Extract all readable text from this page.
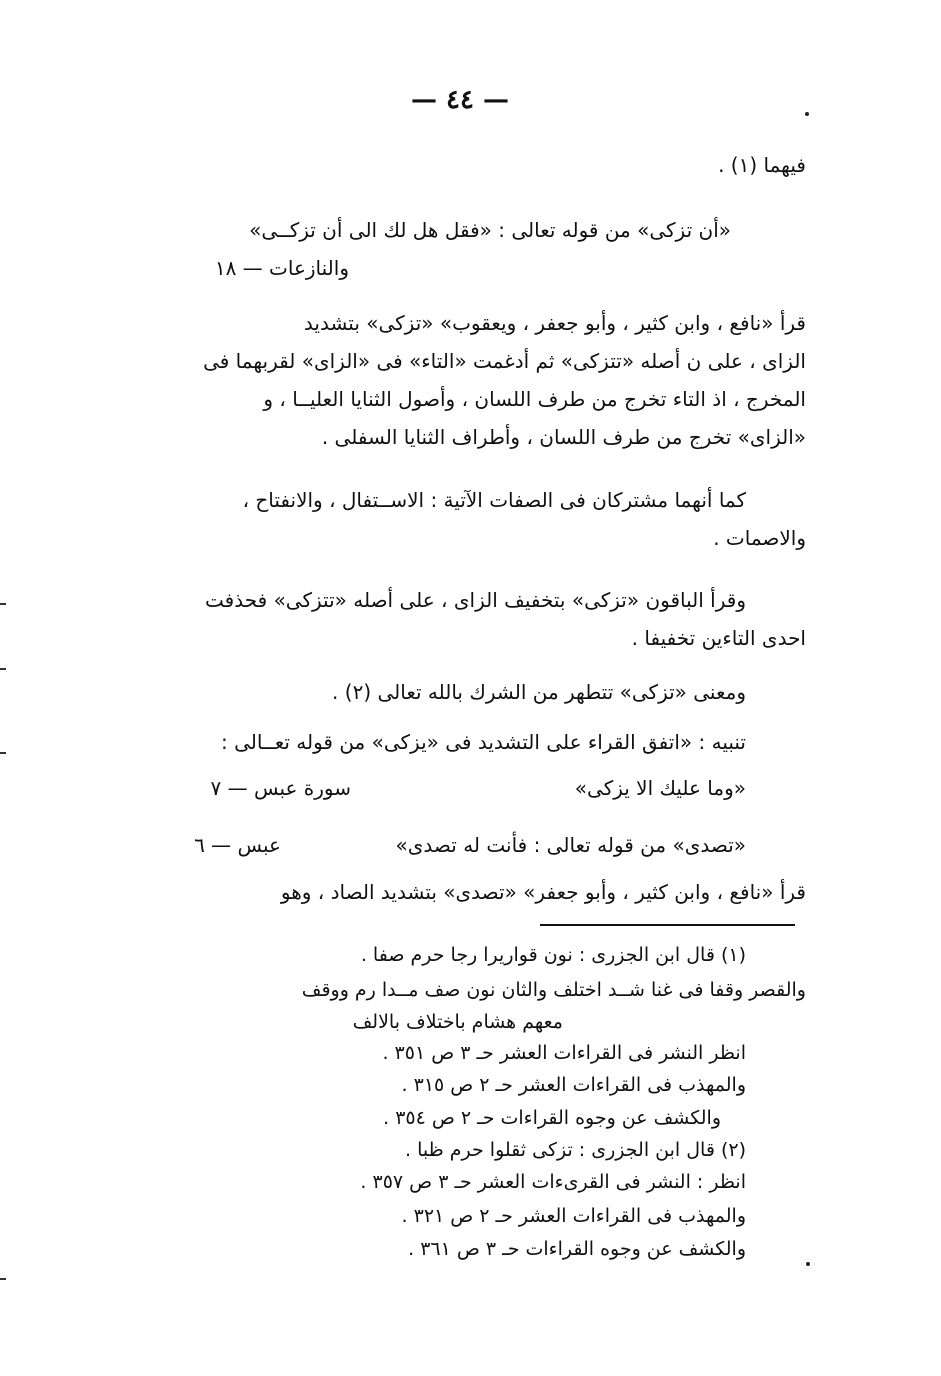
— ٤٤ —
فيهما (١) .
«أن تزكى» من قوله تعالى : «فقل هل لك الى أن تزكــى»
والنازعات — ١٨
قرأ «نافع ، وابن كثير ، وأبو جعفر ، ويعقوب» «تزكى» بتشديد
الزاى ، على ن أصله «تتزكى» ثم أدغمت «التاء» فى «الزاى» لقربهما فى
المخرج ، اذ التاء تخرج من طرف اللسان ، وأصول الثنايا العليــا ، و
«الزاى» تخرج من طرف اللسان ، وأطراف الثنايا السفلى .
كما أنهما مشتركان فى الصفات الآتية : الاســتفال ، والانفتاح ،
والاصمات .
وقرأ الباقون «تزكى» بتخفيف الزاى ، على أصله «تتزكى» فحذفت
احدى التاءين تخفيفا .
ومعنى «تزكى» تتطهر من الشرك بالله تعالى (٢) .
تنبيه : «اتفق القراء على التشديد فى «يزكى» من قوله تعــالى :
«وما عليك الا يزكى»
سورة عبس — ٧
«تصدى» من قوله تعالى : فأنت له تصدى»
عبس — ٦
قرأ «نافع ، وابن كثير ، وأبو جعفر» «تصدى» بتشديد الصاد ، وهو
(١) قال ابن الجزرى : نون قواريرا رجا حرم صفا .
والقصر وقفا فى غنا شــد اختلف والثان نون صف مــدا رم ووقف
معهم هشام باختلاف بالالف
انظر النشر فى القراءات العشر حـ ٣ ص ٣٥١ .
والمهذب فى القراءات العشر حـ ٢ ص ٣١٥ .
والكشف عن وجوه القراءات حـ ٢ ص ٣٥٤ .
(٢) قال ابن الجزرى : تزكى ثقلوا حرم ظبا .
انظر : النشر فى القرىءات العشر حـ ٣ ص ٣٥٧ .
والمهذب فى القراءات العشر حـ ٢ ص ٣٢١ .
والكشف عن وجوه القراءات حـ ٣ ص ٣٦١ .
